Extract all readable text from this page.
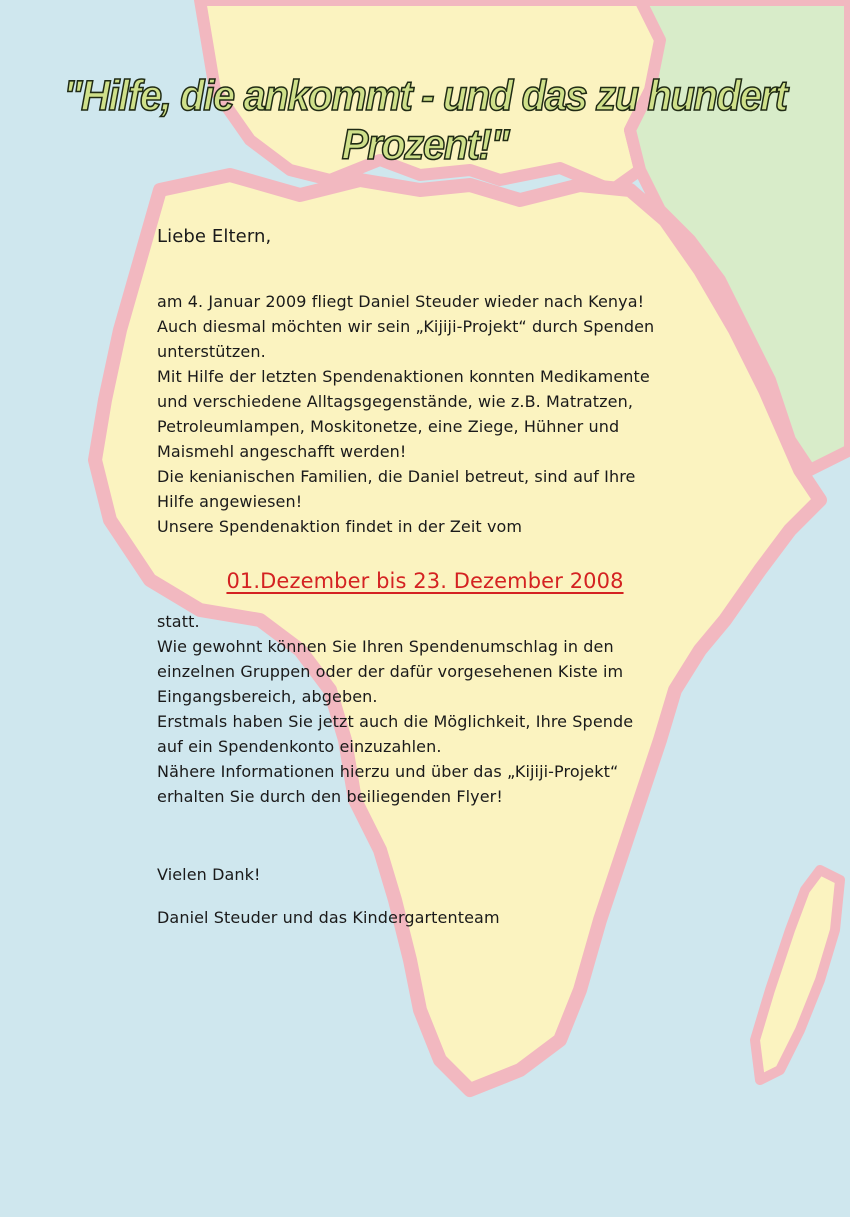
"Hilfe, die ankommt - und das zu hundert Prozent!"

Liebe Eltern,

am 4. Januar 2009 fliegt Daniel Steuder wieder nach Kenya!

Auch diesmal möchten wir sein „Kijiji-Projekt“ durch Spenden

unterstützen.

Mit Hilfe der letzten Spendenaktionen konnten Medikamente

und verschiedene Alltagsgegenstände, wie z.B. Matratzen,

Petroleumlampen, Moskitonetze, eine Ziege, Hühner und

Maismehl angeschafft werden!

Die kenianischen Familien, die Daniel betreut, sind auf Ihre

Hilfe angewiesen!

Unsere Spendenaktion findet in der Zeit vom

01.Dezember bis 23. Dezember 2008

statt.

Wie gewohnt können Sie Ihren Spendenumschlag in den

einzelnen Gruppen oder der dafür vorgesehenen Kiste im

Eingangsbereich, abgeben.

Erstmals haben Sie jetzt auch die Möglichkeit, Ihre Spende

auf ein Spendenkonto einzuzahlen.

Nähere Informationen hierzu und über das „Kijiji-Projekt“

erhalten Sie durch den beiliegenden Flyer!

Vielen Dank!

Daniel Steuder und das Kindergartenteam
